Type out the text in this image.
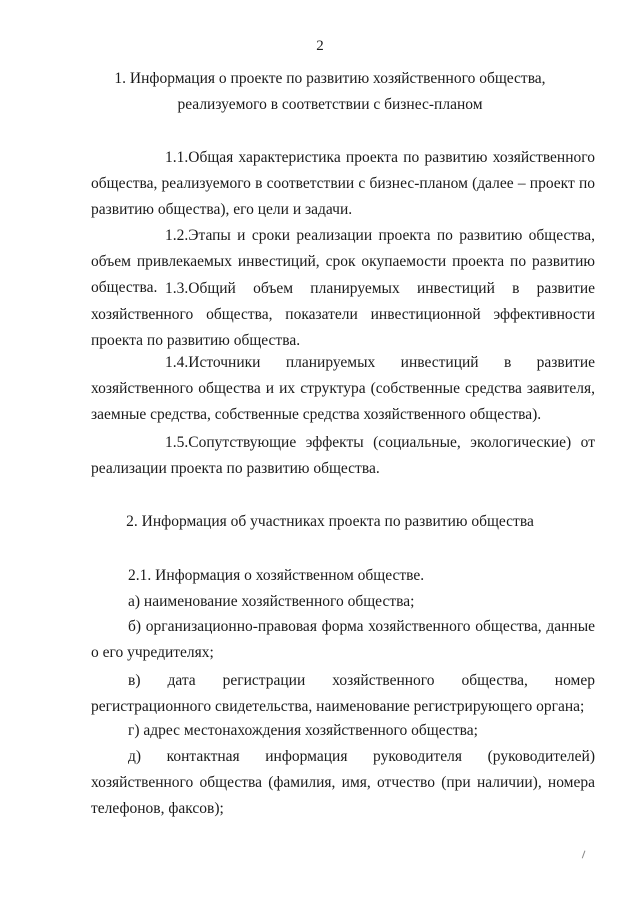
2
1. Информация о проекте по развитию хозяйственного общества,
реализуемого в соответствии с бизнес-планом
1.1.Общая характеристика проекта по развитию хозяйственного общества, реализуемого в соответствии с бизнес-планом (далее – проект по развитию общества), его цели и задачи.
1.2.Этапы и сроки реализации проекта по развитию общества, объем привлекаемых инвестиций, срок окупаемости проекта по развитию общества. 1.3.Общий объем планируемых инвестиций в развитие хозяйственного общества, показатели инвестиционной эффективности проекта по развитию общества.
1.4.Источники планируемых инвестиций в развитие хозяйственного общества и их структура (собственные средства заявителя, заемные средства, собственные средства хозяйственного общества).
1.5.Сопутствующие эффекты (социальные, экологические) от реализации проекта по развитию общества.
2. Информация об участниках проекта по развитию общества
2.1. Информация о хозяйственном обществе.
а) наименование хозяйственного общества;
б) организационно-правовая форма хозяйственного общества, данные о его учредителях;
в) дата регистрации хозяйственного общества, номер регистрационного свидетельства, наименование регистрирующего органа;
г) адрес местонахождения хозяйственного общества;
д) контактная информация руководителя (руководителей) хозяйственного общества (фамилия, имя, отчество (при наличии), номера телефонов, факсов);
